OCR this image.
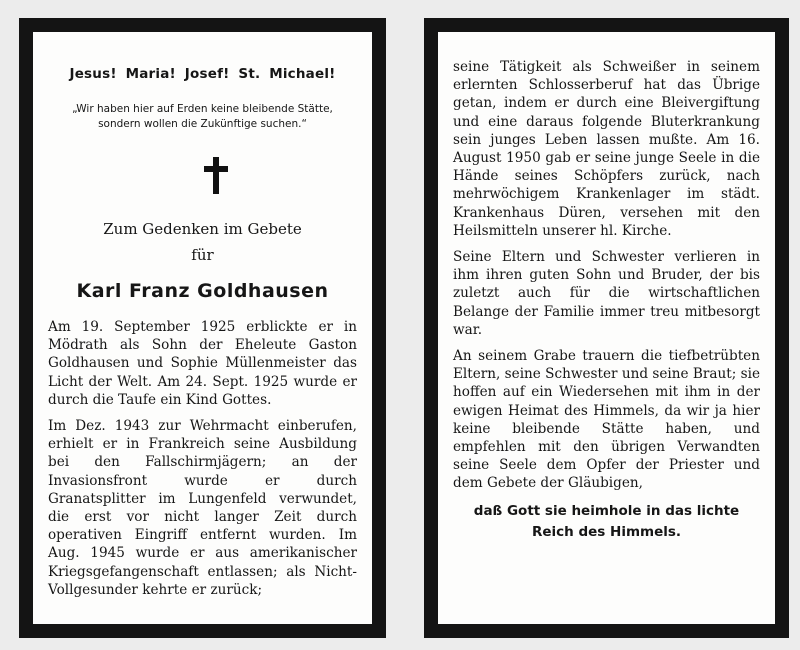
Jesus! Maria! Josef! St. Michael!
„Wir haben hier auf Erden keine bleibende Stätte, sondern wollen die Zukünftige suchen.“
Zum Gedenken im Gebete
für
Karl Franz Goldhausen

Am 19. September 1925 erblickte er in Mödrath als Sohn der Eheleute Gaston Goldhausen und Sophie Müllenmeister das Licht der Welt. Am 24. Sept. 1925 wurde er durch die Taufe ein Kind Gottes.

Im Dez. 1943 zur Wehrmacht einberufen, erhielt er in Frankreich seine Ausbildung bei den Fallschirmjägern; an der Invasionsfront wurde er durch Granatsplitter im Lungenfeld verwundet, die erst vor nicht langer Zeit durch operativen Eingriff entfernt wurden. Im Aug. 1945 wurde er aus amerikanischer Kriegsgefangenschaft entlassen; als Nicht-Vollgesunder kehrte er zurück;

seine Tätigkeit als Schweißer in seinem erlernten Schlosserberuf hat das Übrige getan, indem er durch eine Bleivergiftung und eine daraus folgende Bluterkrankung sein junges Leben lassen mußte. Am 16. August 1950 gab er seine junge Seele in die Hände seines Schöpfers zurück, nach mehrwöchigem Krankenlager im städt. Krankenhaus Düren, versehen mit den Heilsmitteln unserer hl. Kirche.

Seine Eltern und Schwester verlieren in ihm ihren guten Sohn und Bruder, der bis zuletzt auch für die wirtschaftlichen Belange der Familie immer treu mitbesorgt war.

An seinem Grabe trauern die tiefbetrübten Eltern, seine Schwester und seine Braut; sie hoffen auf ein Wiedersehen mit ihm in der ewigen Heimat des Himmels, da wir ja hier keine bleibende Stätte haben, und empfehlen mit den übrigen Verwandten seine Seele dem Opfer der Priester und dem Gebete der Gläubigen,

daß Gott sie heimhole in das lichte
Reich des Himmels.
